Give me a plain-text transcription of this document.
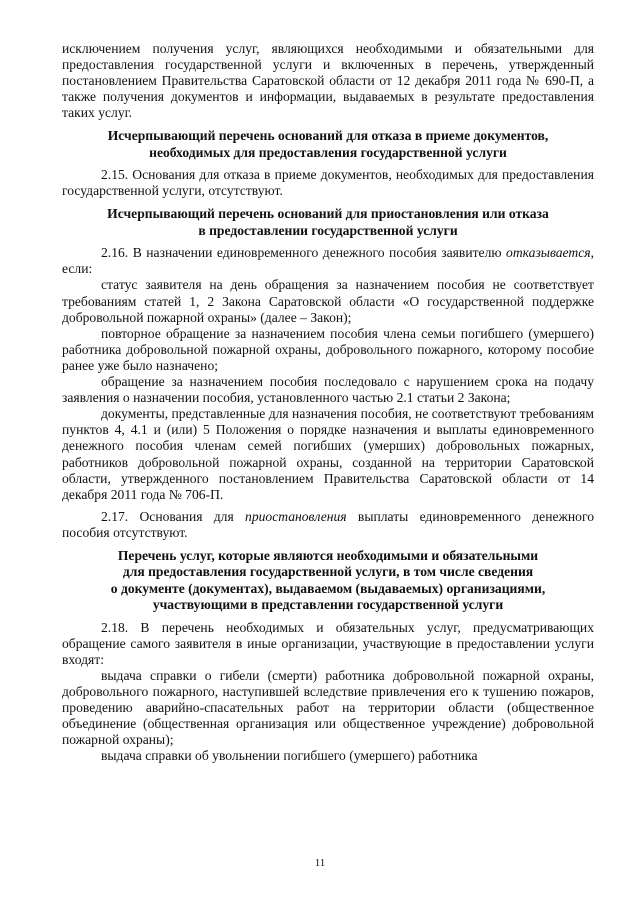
исключением получения услуг, являющихся необходимыми и обязательными для предоставления государственной услуги и включенных в перечень, утвержденный постановлением Правительства Саратовской области от 12 декабря 2011 года № 690-П, а также получения документов и информации, выдаваемых в результате предоставления таких услуг.

Исчерпывающий перечень оснований для отказа в приеме документов,
необходимых для предоставления государственной услуги

2.15. Основания для отказа в приеме документов, необходимых для предоставления государственной услуги, отсутствуют.

Исчерпывающий перечень оснований для приостановления или отказа
в предоставлении государственной услуги

2.16. В назначении единовременного денежного пособия заявителю отказывается, если:

статус заявителя на день обращения за назначением пособия не соответствует требованиям статей 1, 2 Закона Саратовской области «О государственной поддержке добровольной пожарной охраны» (далее – Закон);

повторное обращение за назначением пособия члена семьи погибшего (умершего) работника добровольной пожарной охраны, добровольного пожарного, которому пособие ранее уже было назначено;

обращение за назначением пособия последовало с нарушением срока на подачу заявления о назначении пособия, установленного частью 2.1 статьи 2 Закона;

документы, представленные для назначения пособия, не соответствуют требованиям пунктов 4, 4.1 и (или) 5 Положения о порядке назначения и выплаты единовременного денежного пособия членам семей погибших (умерших) добровольных пожарных, работников добровольной пожарной охраны, созданной на территории Саратовской области, утвержденного постановлением Правительства Саратовской области от 14 декабря 2011 года № 706-П.

2.17. Основания для приостановления выплаты единовременного денежного пособия отсутствуют.

Перечень услуг, которые являются необходимыми и обязательными
для предоставления государственной услуги, в том числе сведения
о документе (документах), выдаваемом (выдаваемых) организациями,
участвующими в представлении государственной услуги

2.18. В перечень необходимых и обязательных услуг, предусматривающих обращение самого заявителя в иные организации, участвующие в предоставлении услуги входят:

выдача справки о гибели (смерти) работника добровольной пожарной охраны, добровольного пожарного, наступившей вследствие привлечения его к тушению пожаров, проведению аварийно-спасательных работ на территории области (общественное объединение (общественная организация или общественное учреждение) добровольной пожарной охраны);

выдача справки об увольнении погибшего (умершего) работника

11
